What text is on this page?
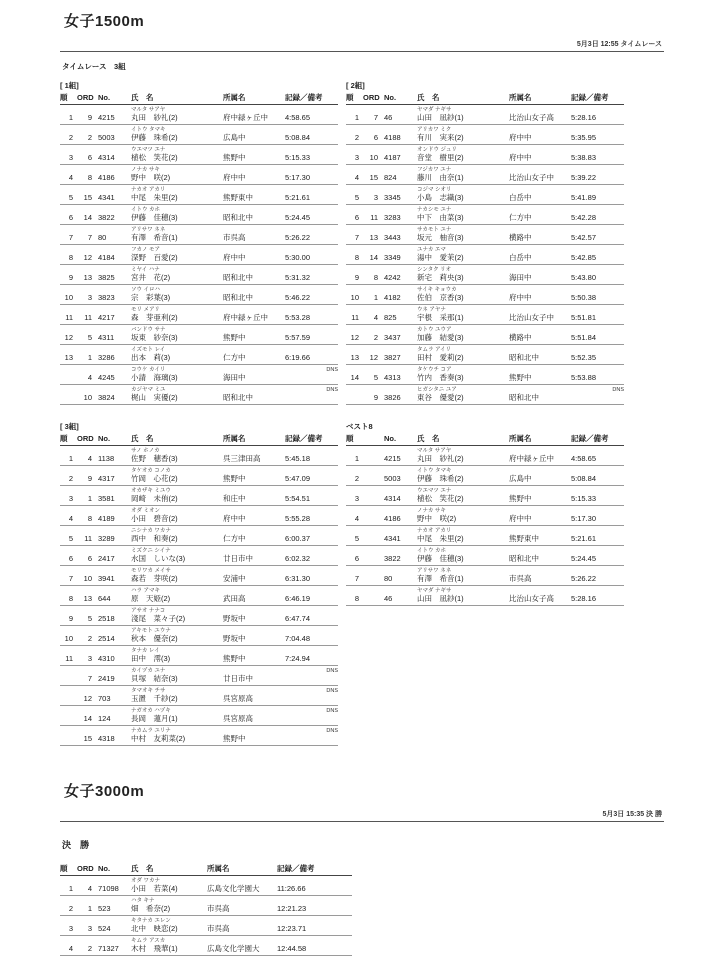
女子1500m
5月3日 12:55 タイムレース
タイムレース　3組
[ 1組]
順	ORD	No.	氏　名	所属名	記録／備考
			マルタ サアヤ		
1	9	4215	丸田　紗礼(2)	府中緑ヶ丘中	4:58.65
			イトウ タマキ		
2	2	5003	伊藤　珠希(2)	広島中	5:08.84
			ウエマツ エナ		
3	6	4314	植松　笑花(2)	熊野中	5:15.33
			ノナカ サキ		
4	8	4186	野中　咲(2)	府中中	5:17.30
			ナカオ アカリ		
5	15	4341	中尾　朱里(2)	熊野東中	5:21.61
			イトウ カホ		
6	14	3822	伊藤　佳穂(3)	昭和北中	5:24.45
			アリサワ ネネ		
7	7	80	有澤　希音(1)	市呉高	5:26.22
			フカノ モア		
8	12	4184	深野　百愛(2)	府中中	5:30.00
			ミヤイ ハナ		
9	13	3825	宮井　花(2)	昭和北中	5:31.32
			ソウ イロハ		
10	3	3823	宗　彩葉(3)	昭和北中	5:46.22
			モリ メアリ		
11	11	4217	森　芽亜利(2)	府中緑ヶ丘中	5:53.28
			バンドウ サナ		
12	5	4311	坂東　紗奈(3)	熊野中	5:57.59
			イズモト レイ		
13	1	3286	出本　莉(3)	仁方中	6:19.66
			コウケ カイリ		DNS
	4	4245	小請　海璃(3)	海田中	
			カジヤマ ミユ		DNS
	10	3824	梶山　実優(2)	昭和北中	
[ 3組]
順	ORD	No.	氏　名	所属名	記録／備考
			サノ ホノカ		
1	4	1138	佐野　穂香(3)	呉三津田高	5:45.18
			タケオカ コノカ		
2	9	4317	竹岡　心花(2)	熊野中	5:47.09
			オカザキ ミユウ		
3	1	3581	岡崎　未侑(2)	和庄中	5:54.51
			オダ ミオン		
4	8	4189	小田　碧音(2)	府中中	5:55.28
			ニシナカ ワカナ		
5	11	3289	西中　和奏(2)	仁方中	6:00.37
			ミズクニ シイナ		
6	6	2417	水国　しいな(3)	廿日市中	6:02.32
			モリワカ メイサ		
7	10	3941	森若　芽咲(2)	安浦中	6:31.30
			ハラ アマキ		
8	13	644	原　天姫(2)	武田高	6:46.19
			アサオ ナナコ		
9	5	2518	淺尾　菜々子(2)	野坂中	6:47.74
			アキモト ユウナ		
10	2	2514	秋本　優奈(2)	野坂中	7:04.48
			タナカ レイ		
11	3	4310	田中　澪(3)	熊野中	7:24.94
			カイヅカ ユナ		DNS
	7	2419	貝塚　結奈(3)	廿日市中	
			タマオキ チサ		DNS
	12	703	玉置　千紗(2)	呉宮原高	
			ナガオカ ハヅキ		DNS
	14	124	長岡　蓮月(1)	呉宮原高	
			ナカムラ ユリナ		DNS
	15	4318	中村　友莉菜(2)	熊野中	
[ 2組]
順	ORD	No.	氏　名	所属名	記録／備考
			ヤマダ ナギサ		
1	7	46	山田　凪紗(1)	比治山女子高	5:28.16
			アリカワ ミク		
2	6	4188	有川　実来(2)	府中中	5:35.95
			オンドウ ジュリ		
3	10	4187	音堂　樹里(2)	府中中	5:38.83
			フジカワ ユナ		
4	15	824	藤川　由奈(1)	比治山女子中	5:39.22
			コジマ シオリ		
5	3	3345	小島　志織(3)	白岳中	5:41.89
			ナカシモ ユナ		
6	11	3283	中下　由菜(3)	仁方中	5:42.28
			サカモト ユナ		
7	13	3443	坂元　柚音(3)	横路中	5:42.57
			ユナカ エマ		
8	14	3349	湯中　愛茉(2)	白岳中	5:42.85
			シンタク リオ		
9	8	4242	新宅　莉央(3)	海田中	5:43.80
			サイキ キョウカ		
10	1	4182	佐伯　京香(3)	府中中	5:50.38
			ウネ アヤナ		
11	4	825	宇根　采那(1)	比治山女子中	5:51.81
			カトウ ユウア		
12	2	3437	加藤　結愛(3)	横路中	5:51.84
			タムラ アイリ		
13	12	3827	田村　愛莉(2)	昭和北中	5:52.35
			タケウチ コア		
14	5	4313	竹内　香奏(3)	熊野中	5:53.88
			ヒガシタニ ユア		DNS
	9	3826	東谷　優愛(2)	昭和北中	
ベスト8
順		No.	氏　名	所属名	記録／備考
			マルタ サアヤ		
1		4215	丸田　紗礼(2)	府中緑ヶ丘中	4:58.65
			イトウ タマキ		
2		5003	伊藤　珠希(2)	広島中	5:08.84
			ウエマツ エナ		
3		4314	植松　笑花(2)	熊野中	5:15.33
			ノナカ サキ		
4		4186	野中　咲(2)	府中中	5:17.30
			ナカオ アカリ		
5		4341	中尾　朱里(2)	熊野東中	5:21.61
			イトウ カホ		
6		3822	伊藤　佳穂(3)	昭和北中	5:24.45
			アリサワ ネネ		
7		80	有澤　希音(1)	市呉高	5:26.22
			ヤマダ ナギサ		
8		46	山田　凪紗(1)	比治山女子高	5:28.16
女子3000m
5月3日 15:35 決 勝
決　勝
順	ORD	No.	氏　名	所属名	記録／備考
			オダ ワカナ		
1	4	71098	小田　若菜(4)	広島文化学園大	11:26.66
			ハタ キナ		
2	1	523	畑　希奈(2)	市呉高	12:21.23
			キタナカ エレン		
3	3	524	北中　映恋(2)	市呉高	12:23.71
			キムラ アスカ		
4	2	71327	木村　飛華(1)	広島文化学園大	12:44.58
